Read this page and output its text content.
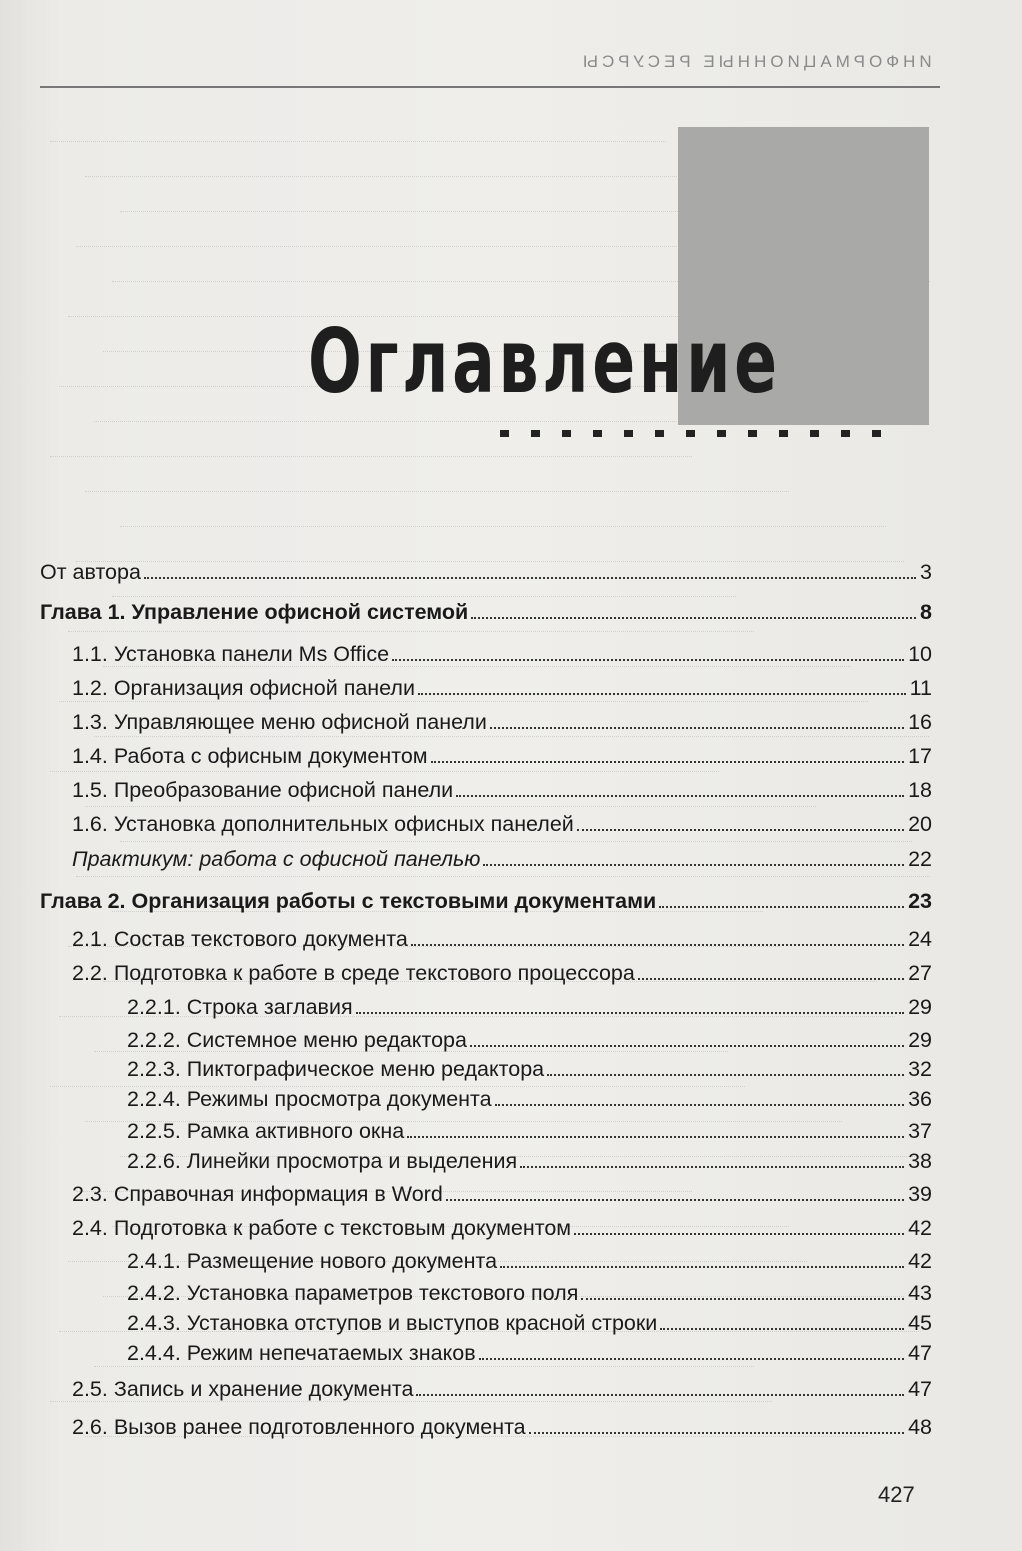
ИНФОРМАЦИОННЫЕ РЕСУРСЫ
Оглавление
От автора	3
Глава 1. Управление офисной системой	8
1.1. Установка панели Ms Office	10
1.2. Организация офисной панели	11
1.3. Управляющее меню офисной панели	16
1.4. Работа с офисным документом	17
1.5. Преобразование офисной панели	18
1.6. Установка дополнительных офисных панелей	20
Практикум: работа с офисной панелью	22
Глава 2. Организация работы с текстовыми документами	23
2.1. Состав текстового документа	24
2.2. Подготовка к работе в среде текстового процессора	27
2.2.1. Строка заглавия	29
2.2.2. Системное меню редактора	29
2.2.3. Пиктографическое меню редактора	32
2.2.4. Режимы просмотра документа	36
2.2.5. Рамка активного окна	37
2.2.6. Линейки просмотра и выделения	38
2.3. Справочная информация в Word	39
2.4. Подготовка к работе с текстовым документом	42
2.4.1. Размещение нового документа	42
2.4.2. Установка параметров текстового поля	43
2.4.3. Установка отступов и выступов красной строки	45
2.4.4. Режим непечатаемых знаков	47
2.5. Запись и хранение документа	47
2.6. Вызов ранее подготовленного документа	48
427
